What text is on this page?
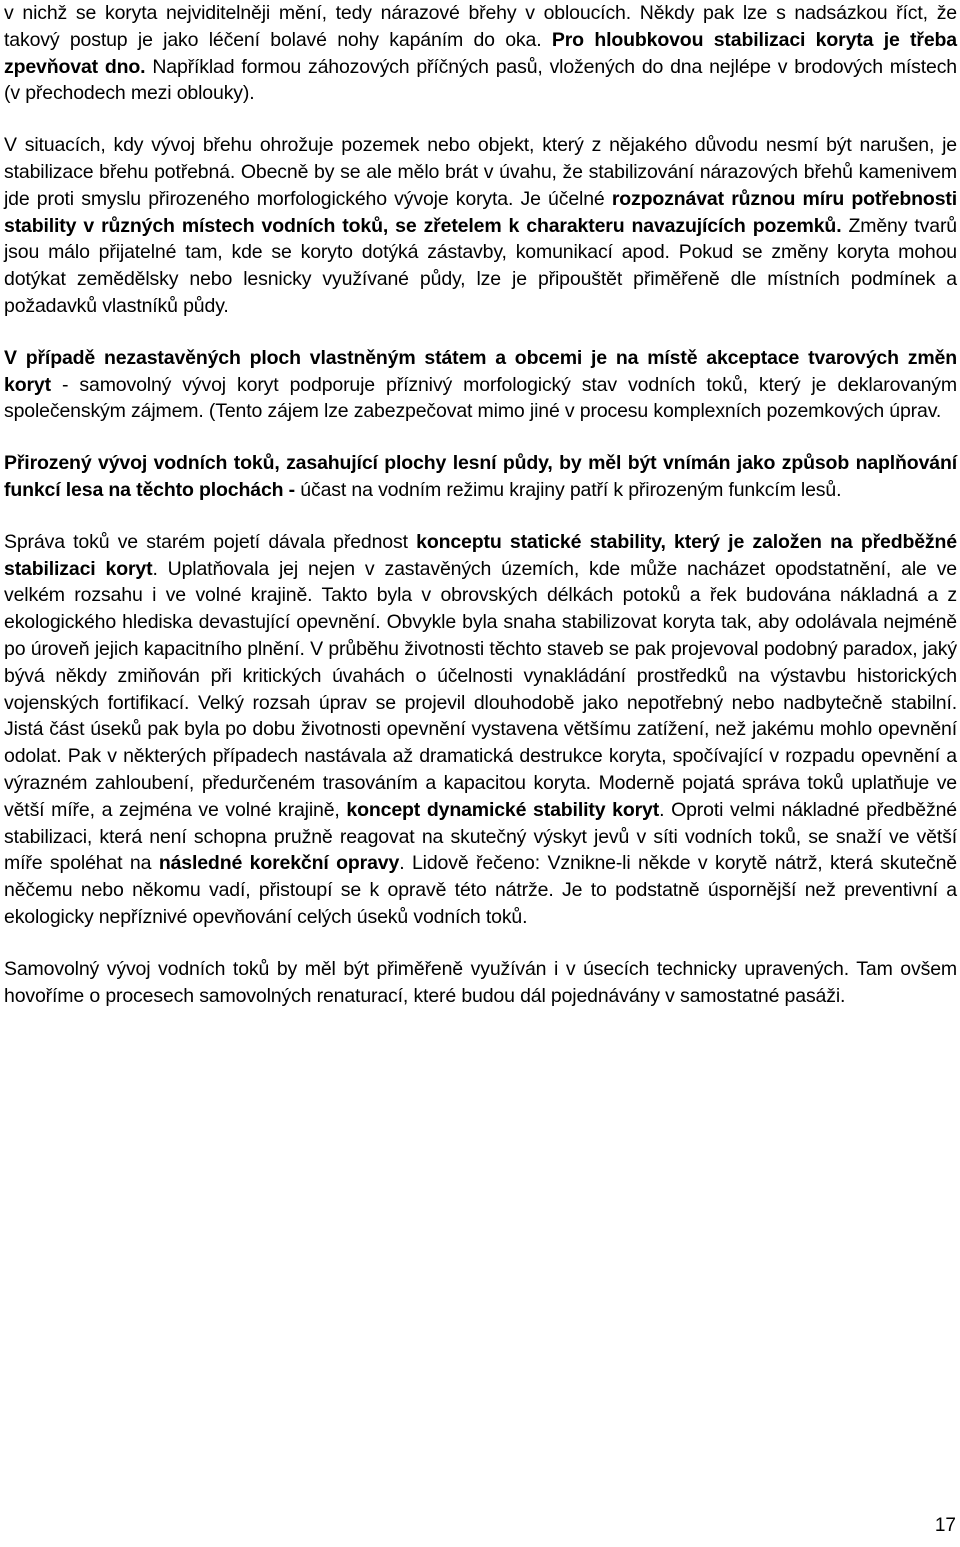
v nichž se koryta nejviditelněji mění, tedy nárazové břehy v obloucích. Někdy pak lze s nadsázkou říct, že takový postup je jako léčení bolavé nohy kapáním do oka. Pro hloubkovou stabilizaci koryta je třeba zpevňovat dno. Například formou záhozových příčných pasů, vložených do dna nejlépe v brodových místech (v přechodech mezi oblouky).

V situacích, kdy vývoj břehu ohrožuje pozemek nebo objekt, který z nějakého důvodu nesmí být narušen, je stabilizace břehu potřebná. Obecně by se ale mělo brát v úvahu, že stabilizování nárazových břehů kamenivem jde proti smyslu přirozeného morfologického vývoje koryta. Je účelné rozpoznávat různou míru potřebnosti stability v různých místech vodních toků, se zřetelem k charakteru navazujících pozemků. Změny tvarů jsou málo přijatelné tam, kde se koryto dotýká zástavby, komunikací apod. Pokud se změny koryta mohou dotýkat zemědělsky nebo lesnicky využívané půdy, lze je připouštět přiměřeně dle místních podmínek a požadavků vlastníků půdy.

V případě nezastavěných ploch vlastněným státem a obcemi je na místě akceptace tvarových změn koryt - samovolný vývoj koryt podporuje příznivý morfologický stav vodních toků, který je deklarovaným společenským zájmem. (Tento zájem lze zabezpečovat mimo jiné v procesu komplexních pozemkových úprav.

Přirozený vývoj vodních toků, zasahující plochy lesní půdy, by měl být vnímán jako způsob naplňování funkcí lesa na těchto plochách - účast na vodním režimu krajiny patří k přirozeným funkcím lesů.

Správa toků ve starém pojetí dávala přednost konceptu statické stability, který je založen na předběžné stabilizaci koryt. Uplatňovala jej nejen v zastavěných územích, kde může nacházet opodstatnění, ale ve velkém rozsahu i ve volné krajině. Takto byla v obrovských délkách potoků a řek budována nákladná a z ekologického hlediska devastující opevnění. Obvykle byla snaha stabilizovat koryta tak, aby odolávala nejméně po úroveň jejich kapacitního plnění. V průběhu životnosti těchto staveb se pak projevoval podobný paradox, jaký bývá někdy zmiňován při kritických úvahách o účelnosti vynakládání prostředků na výstavbu historických vojenských fortifikací. Velký rozsah úprav se projevil dlouhodobě jako nepotřebný nebo nadbytečně stabilní. Jistá část úseků pak byla po dobu životnosti opevnění vystavena většímu zatížení, než jakému mohlo opevnění odolat. Pak v některých případech nastávala až dramatická destrukce koryta, spočívající v rozpadu opevnění a výrazném zahloubení, předurčeném trasováním a kapacitou koryta. Moderně pojatá správa toků uplatňuje ve větší míře, a zejména ve volné krajině, koncept dynamické stability koryt. Oproti velmi nákladné předběžné stabilizaci, která není schopna pružně reagovat na skutečný výskyt jevů v síti vodních toků, se snaží ve větší míře spoléhat na následné korekční opravy. Lidově řečeno: Vznikne-li někde v korytě nátrž, která skutečně něčemu nebo někomu vadí, přistoupí se k opravě této nátrže. Je to podstatně úspornější než preventivní a ekologicky nepříznivé opevňování celých úseků vodních toků.

Samovolný vývoj vodních toků by měl být přiměřeně využíván i v úsecích technicky upravených. Tam ovšem hovoříme o procesech samovolných renaturací, které budou dál pojednávány v samostatné pasáži.

17
